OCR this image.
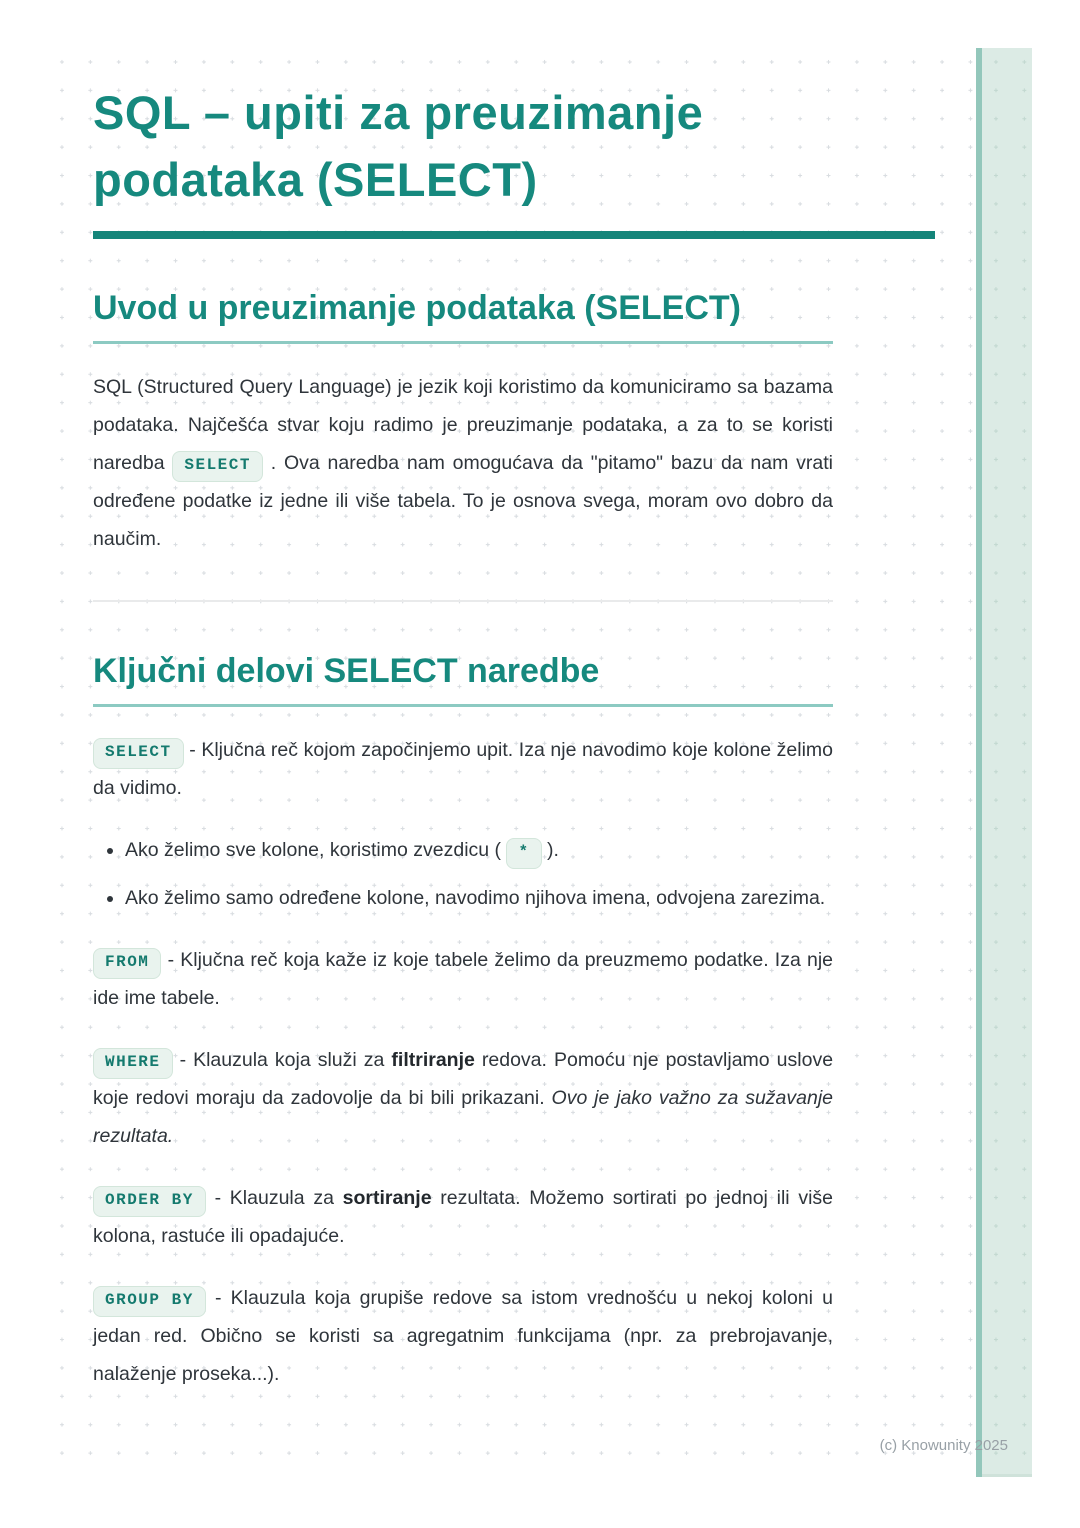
SQL – upiti za preuzimanje podataka (SELECT)
Uvod u preuzimanje podataka (SELECT)

SQL (Structured Query Language) je jezik koji koristimo da komuniciramo sa bazama podataka. Najčešća stvar koju radimo je preuzimanje podataka, a za to se koristi naredba SELECT . Ova naredba nam omogućava da "pitamo" bazu da nam vrati određene podatke iz jedne ili više tabela. To je osnova svega, moram ovo dobro da naučim.

Ključni delovi SELECT naredbe

SELECT - Ključna reč kojom započinjemo upit. Iza nje navodimo koje kolone želimo da vidimo.

• Ako želimo sve kolone, koristimo zvezdicu ( * ).
• Ako želimo samo određene kolone, navodimo njihova imena, odvojena zarezima.

FROM - Ključna reč koja kaže iz koje tabele želimo da preuzmemo podatke. Iza nje ide ime tabele.

WHERE - Klauzula koja služi za filtriranje redova. Pomoću nje postavljamo uslove koje redovi moraju da zadovolje da bi bili prikazani. Ovo je jako važno za sužavanje rezultata.

ORDER BY - Klauzula za sortiranje rezultata. Možemo sortirati po jednoj ili više kolona, rastuće ili opadajuće.

GROUP BY - Klauzula koja grupiše redove sa istom vrednošću u nekoj koloni u jedan red. Obično se koristi sa agregatnim funkcijama (npr. za prebrojavanje, nalaženje proseka...).

(c) Knowunity 2025
